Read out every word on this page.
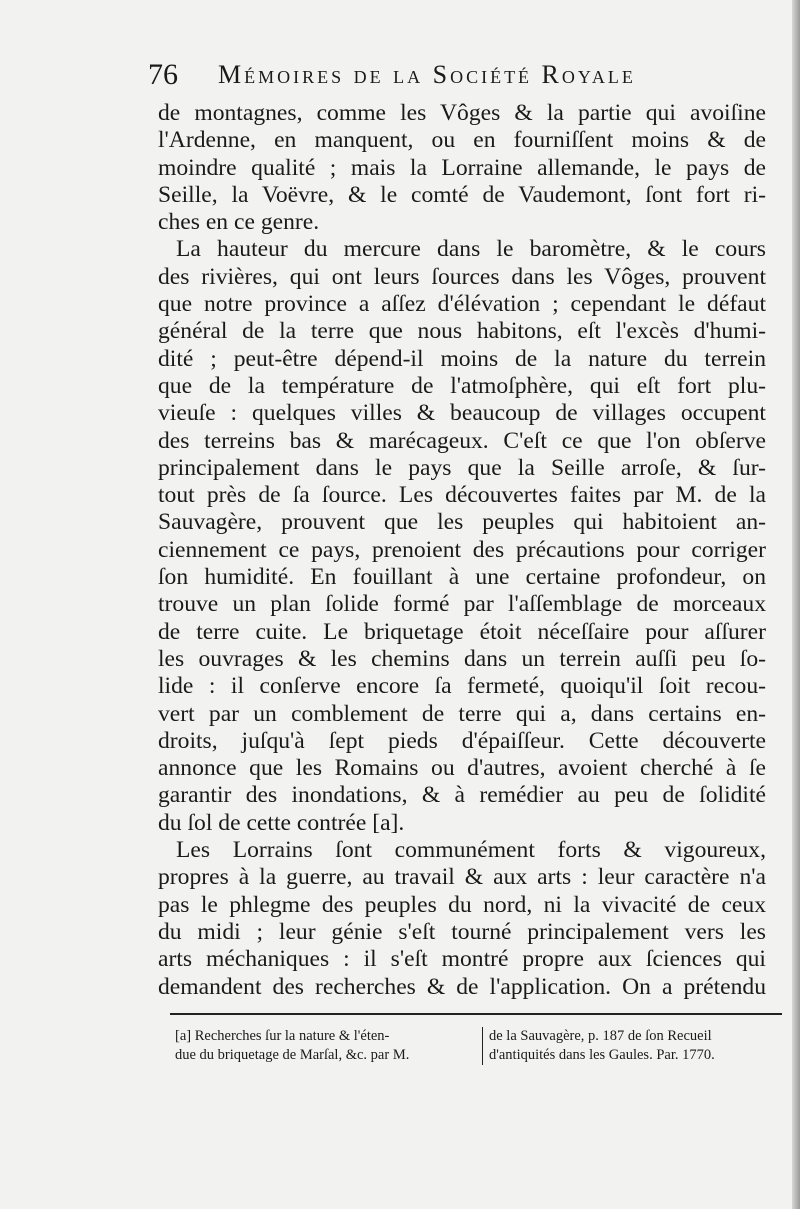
76 Mémoires de la Société Royale

de montagnes, comme les Vôges & la partie qui avoiſine
l'Ardenne, en manquent, ou en fourniſſent moins & de
moindre qualité ; mais la Lorraine allemande, le pays de
Seille, la Voëvre, & le comté de Vaudemont, ſont fort ri-
ches en ce genre.

La hauteur du mercure dans le baromètre, & le cours
des rivières, qui ont leurs ſources dans les Vôges, prouvent
que notre province a aſſez d'élévation ; cependant le défaut
général de la terre que nous habitons, eſt l'excès d'humi-
dité ; peut-être dépend-il moins de la nature du terrein
que de la température de l'atmoſphère, qui eſt fort plu-
vieuſe : quelques villes & beaucoup de villages occupent
des terreins bas & marécageux. C'eſt ce que l'on obſerve
principalement dans le pays que la Seille arroſe, & ſur-
tout près de ſa ſource. Les découvertes faites par M. de la
Sauvagère, prouvent que les peuples qui habitoient an-
ciennement ce pays, prenoient des précautions pour corriger
ſon humidité. En fouillant à une certaine profondeur, on
trouve un plan ſolide formé par l'aſſemblage de morceaux
de terre cuite. Le briquetage étoit néceſſaire pour aſſurer
les ouvrages & les chemins dans un terrein auſſi peu ſo-
lide : il conſerve encore ſa fermeté, quoiqu'il ſoit recou-
vert par un comblement de terre qui a, dans certains en-
droits, juſqu'à ſept pieds d'épaiſſeur. Cette découverte
annonce que les Romains ou d'autres, avoient cherché à ſe
garantir des inondations, & à remédier au peu de ſolidité
du ſol de cette contrée [a].

Les Lorrains ſont communément forts & vigoureux,
propres à la guerre, au travail & aux arts : leur caractère n'a
pas le phlegme des peuples du nord, ni la vivacité de ceux
du midi ; leur génie s'eſt tourné principalement vers les
arts méchaniques : il s'eſt montré propre aux ſciences qui
demandent des recherches & de l'application. On a prétendu

[a] Recherches ſur la nature & l'éten-
due du briquetage de Marſal, &c. par M.
de la Sauvagère, p. 187 de ſon Recueil
d'antiquités dans les Gaules. Par. 1770.
